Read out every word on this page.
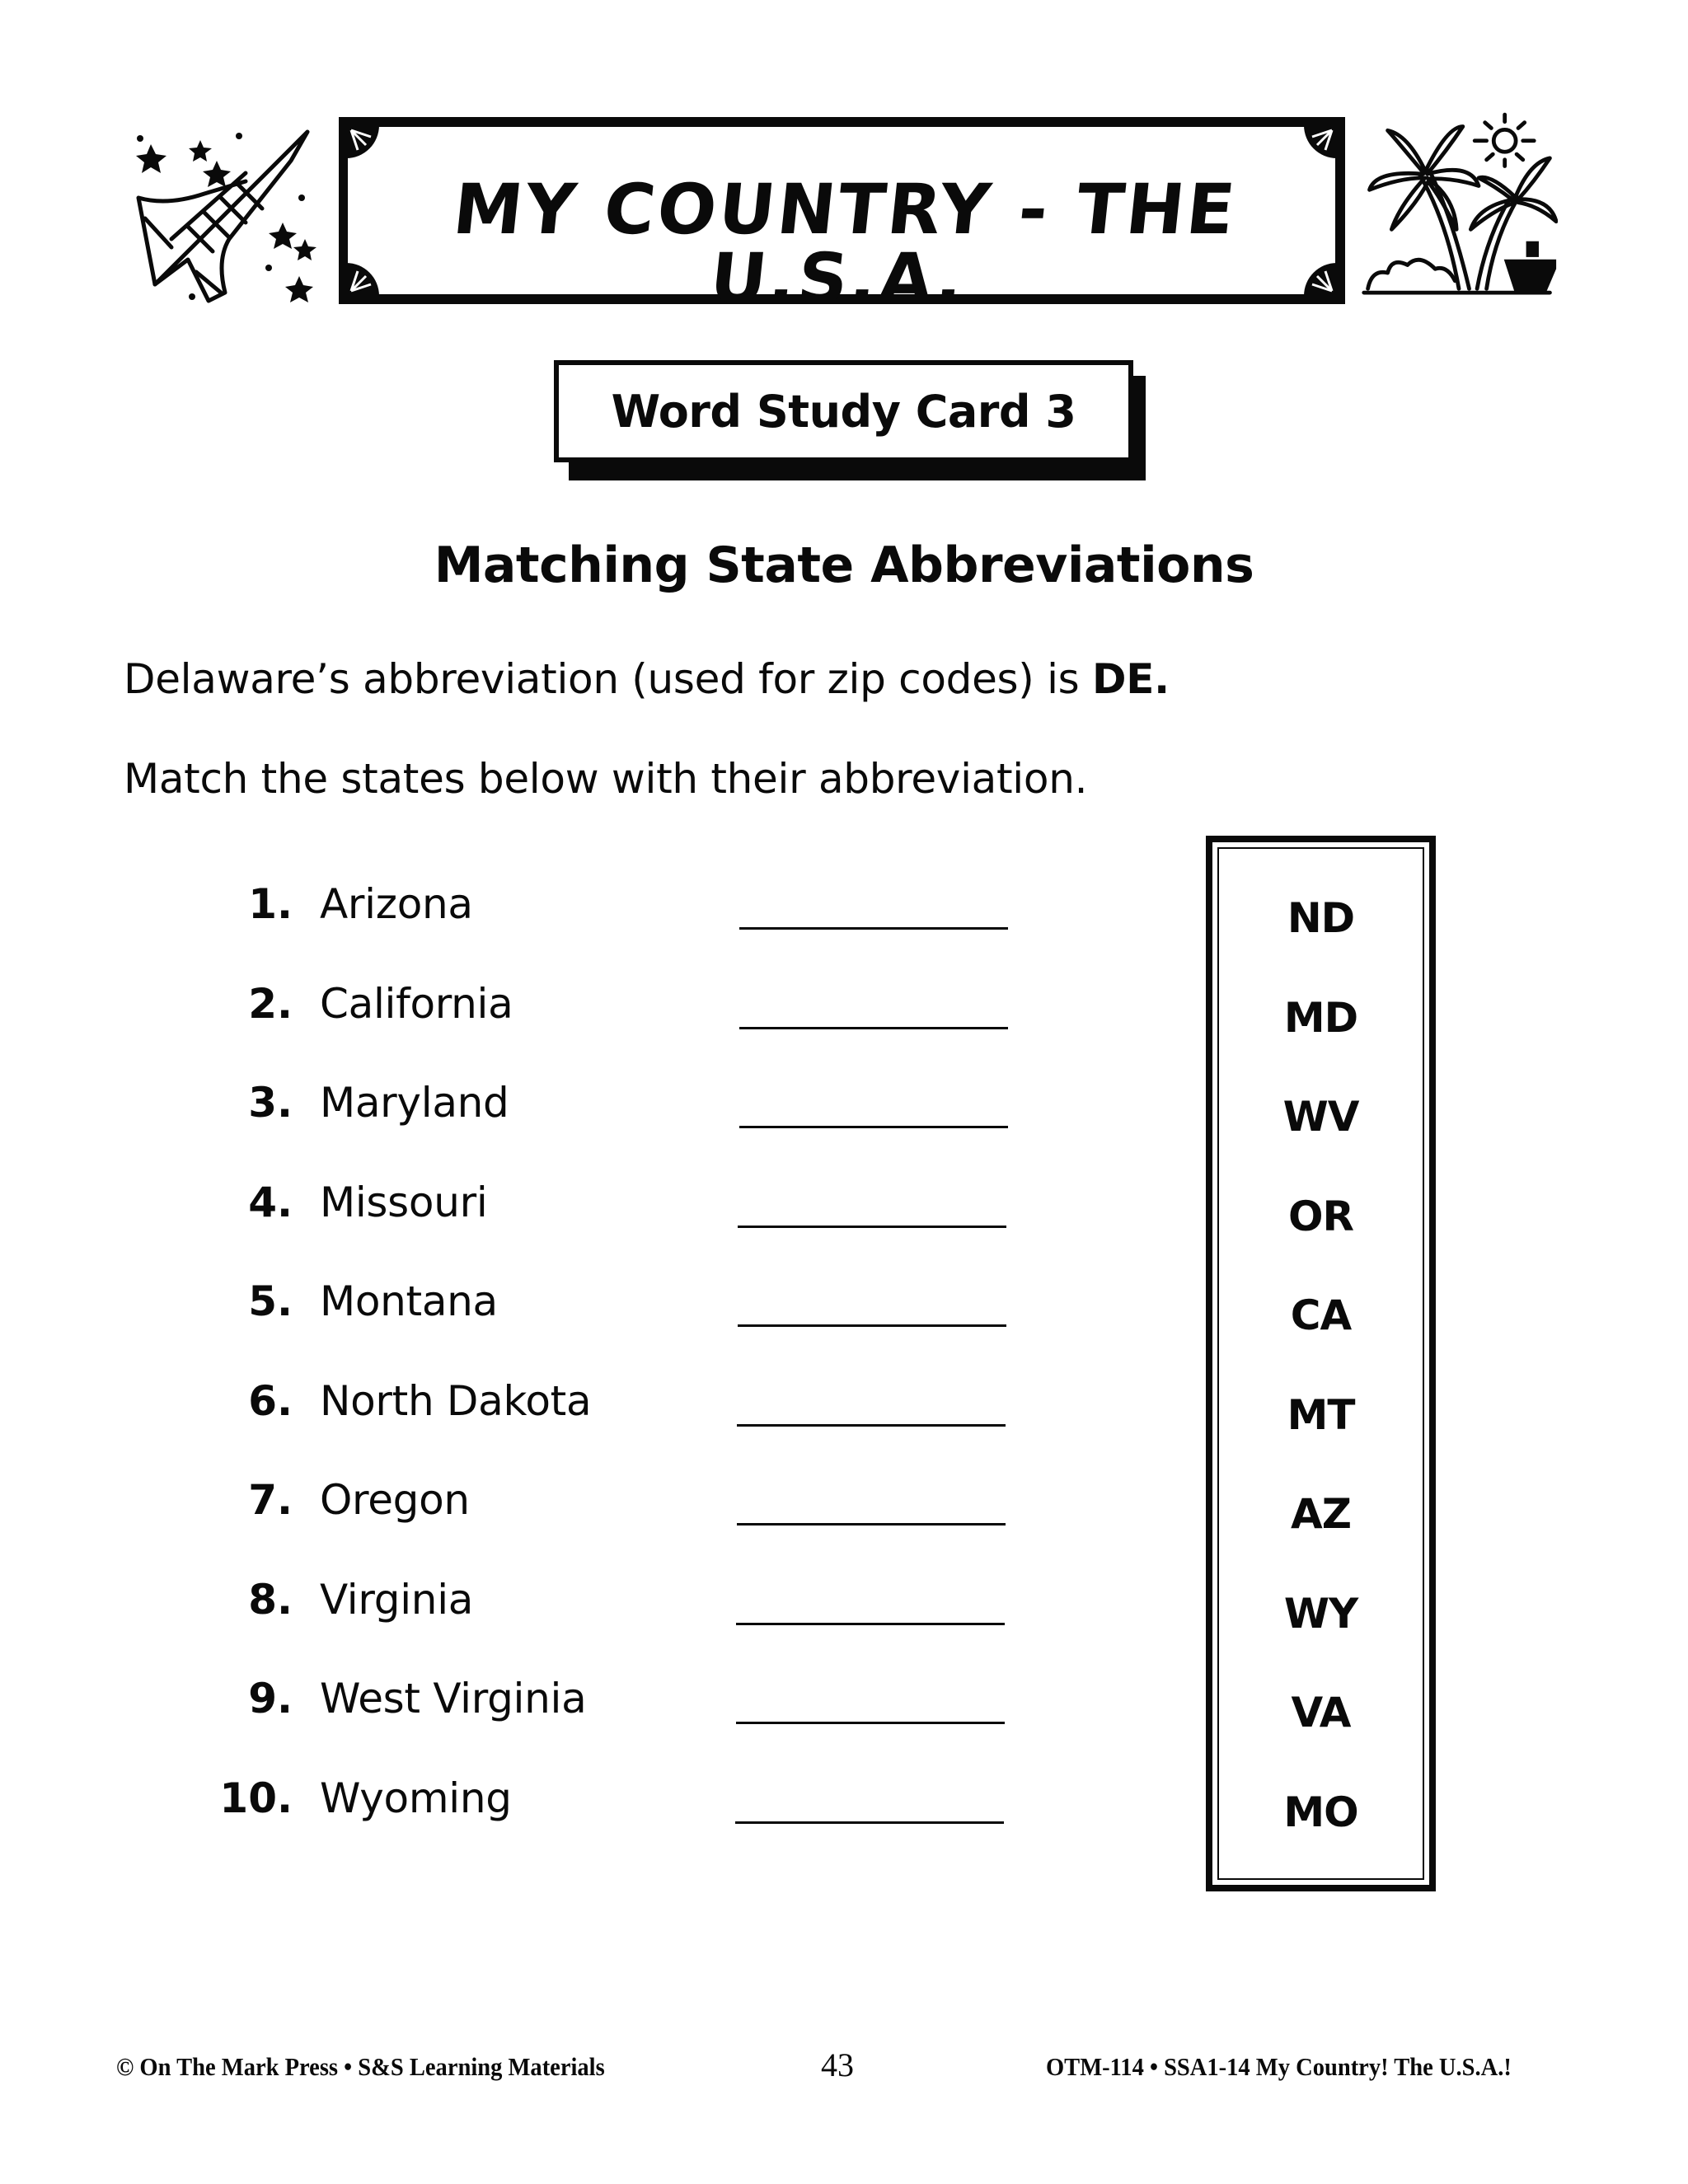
MY COUNTRY - THE U.S.A.
Word Study Card 3
Matching State Abbreviations
Delaware’s abbreviation (used for zip codes) is DE.
Match the states below with their abbreviation.
1. Arizona
2. California
3. Maryland
4. Missouri
5. Montana
6. North Dakota
7. Oregon
8. Virginia
9. West Virginia
10. Wyoming
ND
MD
WV
OR
CA
MT
AZ
WY
VA
MO
© On The Mark Press • S&S Learning Materials	43	OTM-114 • SSA1-14 My Country! The U.S.A.!
